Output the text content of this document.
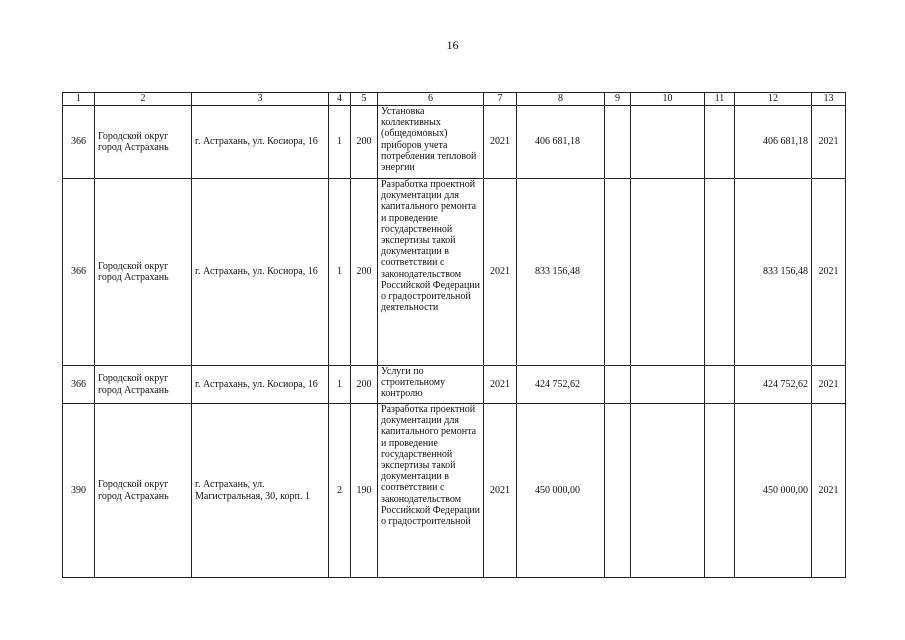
16
1	2	3	4	5	6	7	8	9	10	11	12	13
366	Городской округ город Астрахань	г. Астрахань, ул. Косиора, 16	1	200	Установка коллективных (общедомовых) приборов учета потребления тепловой энергии	2021	406 681,18				406 681,18	2021
366	Городской округ город Астрахань	г. Астрахань, ул. Косиора, 16	1	200	Разработка проектной документации для капитального ремонта и проведение государственной экспертизы такой документации в соответствии с законодательством Российской Федерации о градостроительной деятельности	2021	833 156,48				833 156,48	2021
366	Городской округ город Астрахань	г. Астрахань, ул. Косиора, 16	1	200	Услуги по строительному контролю	2021	424 752,62				424 752,62	2021
390	Городской округ город Астрахань	г. Астрахань, ул. Магистральная, 30, корп. 1	2	190	Разработка проектной документации для капитального ремонта и проведение государственной экспертизы такой документации в соответствии с законодательством Российской Федерации о градостроительной	2021	450 000,00				450 000,00	2021
